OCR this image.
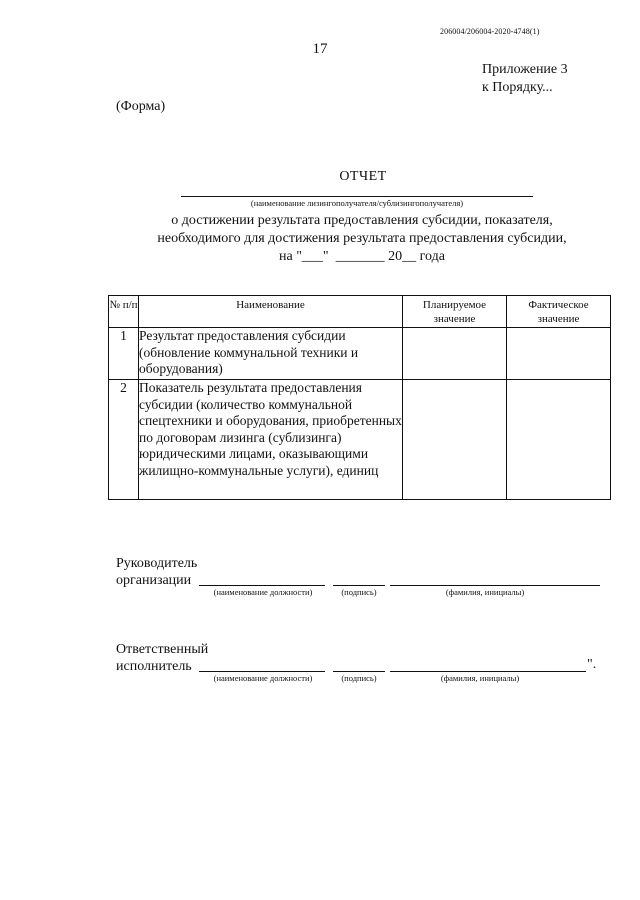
206004/206004-2020-4748(1)
17
Приложение 3
к Порядку...
(Форма)
ОТЧЕТ
(наименование лизингополучателя/сублизингополучателя)
о достижении результата предоставления субсидии, показателя,
необходимого для достижения результата предоставления субсидии,
на "___"  _______ 20__ года
№ п/п	Наименование	Планируемое значение	Фактическое значение
1	Результат предоставления субсидии (обновление коммунальной техники и оборудования)		
2	Показатель результата предоставления субсидии (количество коммунальной спецтехники и оборудования, приобретенных по договорам лизинга (сублизинга) юридическими лицами, оказывающими жилищно-коммунальные услуги), единиц		
Руководитель
организации
(наименование должности)	(подпись)	(фамилия, инициалы)
Ответственный
исполнитель	".
(наименование должности)	(подпись)	(фамилия, инициалы)
